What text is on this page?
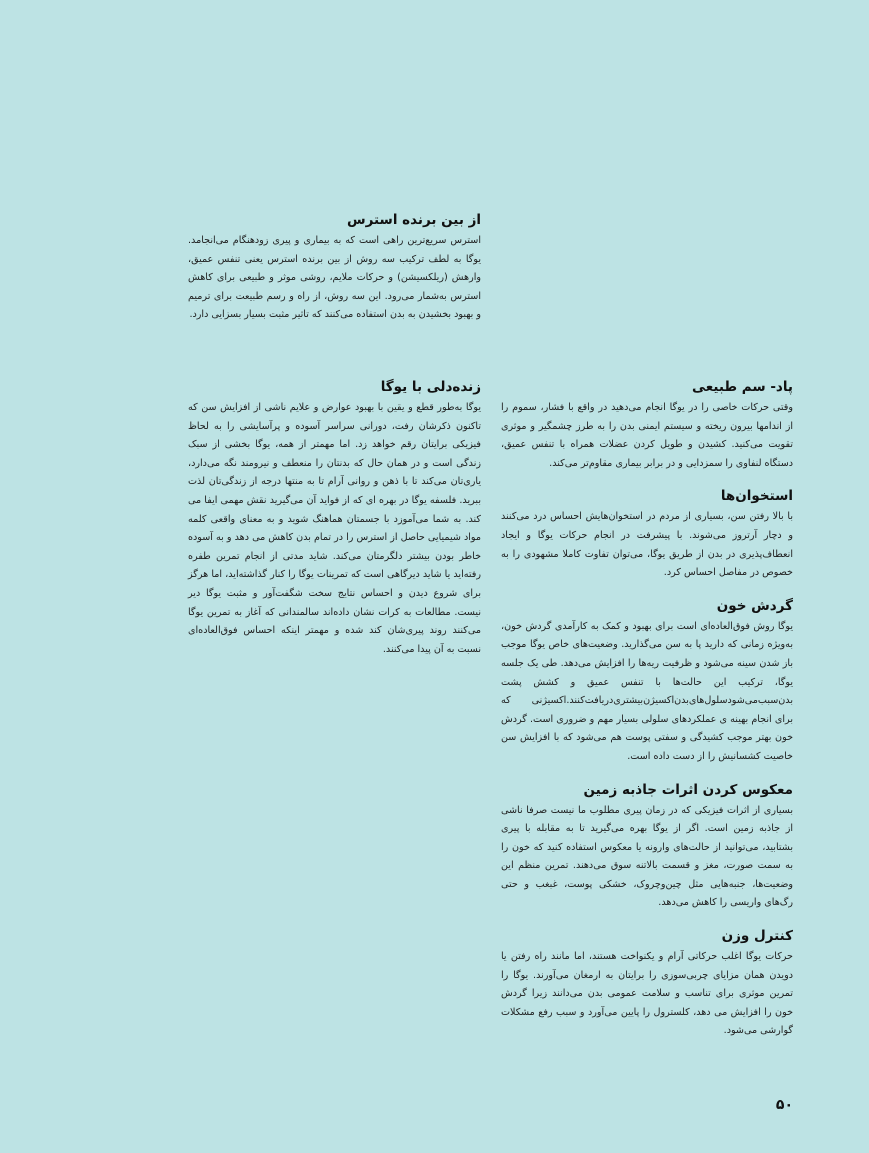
از بین برنده استرس

استرس سریع‌ترین راهی است که به بیماری و پیری زودهنگام می‌انجامد. یوگا به لطف ترکیب سه روش از بین برنده استرس یعنی تنفس عمیق، وارهش (ریلکسیشن) و حرکات ملایم، روشی موثر و طبیعی برای کاهش استرس به‌شمار می‌رود. این سه روش، از راه و رسم طبیعت برای ترمیم و بهبود بخشیدن به بدن استفاده می‌کنند که تاثیر مثبت بسیار بسزایی دارد.

زنده‌دلی با یوگا

یوگا به‌طور قطع و یقین با بهبود عوارض و علایم ناشی از افزایش سن که تاکنون ذکرشان رفت، دورانی سراسر آسوده و پرآسایشی را به لحاظ فیزیکی برایتان رقم خواهد زد. اما مهمتر از همه، یوگا بخشی از سبک زندگی است و در همان حال که بدنتان را منعطف و نیرومند نگه می‌دارد، یاری‌تان می‌کند تا با ذهن و روانی آرام تا به منتها درجه از زندگی‌تان لذت ببرید. فلسفه یوگا در بهره ای که از فواید آن می‌گیرید نقش مهمی ایفا می کند. به شما می‌آموزد با جسمتان هماهنگ شوید و به معنای واقعی کلمه مواد شیمیایی حاصل از استرس را در تمام بدن کاهش می دهد و به آسوده خاطر بودن بیشتر دلگرمتان می‌کند. شاید مدتی از انجام تمرین طفره رفته‌اید یا شاید دیرگاهی است که تمرینات یوگا را کنار گذاشته‌اید، اما هرگز برای شروع دیدن و احساس نتایج سخت شگفت‌آور و مثبت یوگا دیر نیست. مطالعات به کرات نشان داده‌اند سالمندانی که آغاز به تمرین یوگا می‌کنند روند پیری‌شان کند شده و مهمتر اینکه احساس فوق‌العاده‌ای نسبت به آن پیدا می‌کنند.

پاد- سم طبیعی

وقتی حرکات خاصی را در یوگا انجام می‌دهید در واقع با فشار، سموم را از اندامها بیرون ریخته و سیستم ایمنی بدن را به طرز چشمگیر و موثری تقویت می‌کنید. کشیدن و طویل کردن عضلات همراه با تنفس عمیق، دستگاه لنفاوی را سمزدایی و در برابر بیماری مقاوم‌تر می‌کند.

استخوان‌ها

با بالا رفتن سن، بسیاری از مردم در استخوان‌هایش احساس درد می‌کنند و دچار آرتروز می‌شوند. با پیشرفت در انجام حرکات یوگا و ایجاد انعطاف‌پذیری در بدن از طریق یوگا، می‌توان تفاوت کاملا مشهودی را به خصوص در مفاصل احساس کرد.

گردش خون

یوگا روش فوق‌العاده‌ای است برای بهبود و کمک به کارآمدی گردش خون، به‌ویژه زمانی که دارید پا به سن می‌گذارید. وضعیت‌های خاص یوگا موجب باز شدن سینه می‌شود و ظرفیت ریه‌ها را افزایش می‌دهد. طی یک جلسه یوگا، ترکیب این حالت‌ها با تنفس عمیق و کشش پشت بدن‌سبب‌می‌شودسلول‌های‌بدن‌اکسیژن‌بیشتری‌دریافت‌کنند.اکسیژنی که برای انجام بهینه ی عملکردهای سلولی بسیار مهم و ضروری است. گردش خون بهتر موجب کشیدگی و سفتی پوست هم می‌شود که با افزایش سن خاصیت کشسانیش را از دست داده است.

معکوس کردن اثرات جاذبه زمین

بسیاری از اثرات فیزیکی که در زمان پیری مطلوب ما نیست صرفا ناشی از جاذبه زمین است. اگر از یوگا بهره می‌گیرید تا به مقابله با پیری بشتابید، می‌توانید از حالت‌های وارونه یا معکوس استفاده کنید که خون را به سمت صورت، مغز و قسمت بالاتنه سوق می‌دهند. تمرین منظم این وضعیت‌ها، جنبه‌هایی مثل چین‌وچروک، خشکی پوست، غبغب و حتی رگ‌های واریسی را کاهش می‌دهد.

کنترل وزن

حرکات یوگا اغلب حرکاتی آرام و یکنواخت هستند، اما مانند راه رفتن یا دویدن همان مزایای چربی‌سوزی را برایتان به ارمغان می‌آورند. یوگا را تمرین موثری برای تناسب و سلامت عمومی بدن می‌دانند زیرا گردش خون را افزایش می دهد، کلسترول را پایین می‌آورد و سبب رفع مشکلات گوارشی می‌شود.

۵۰
